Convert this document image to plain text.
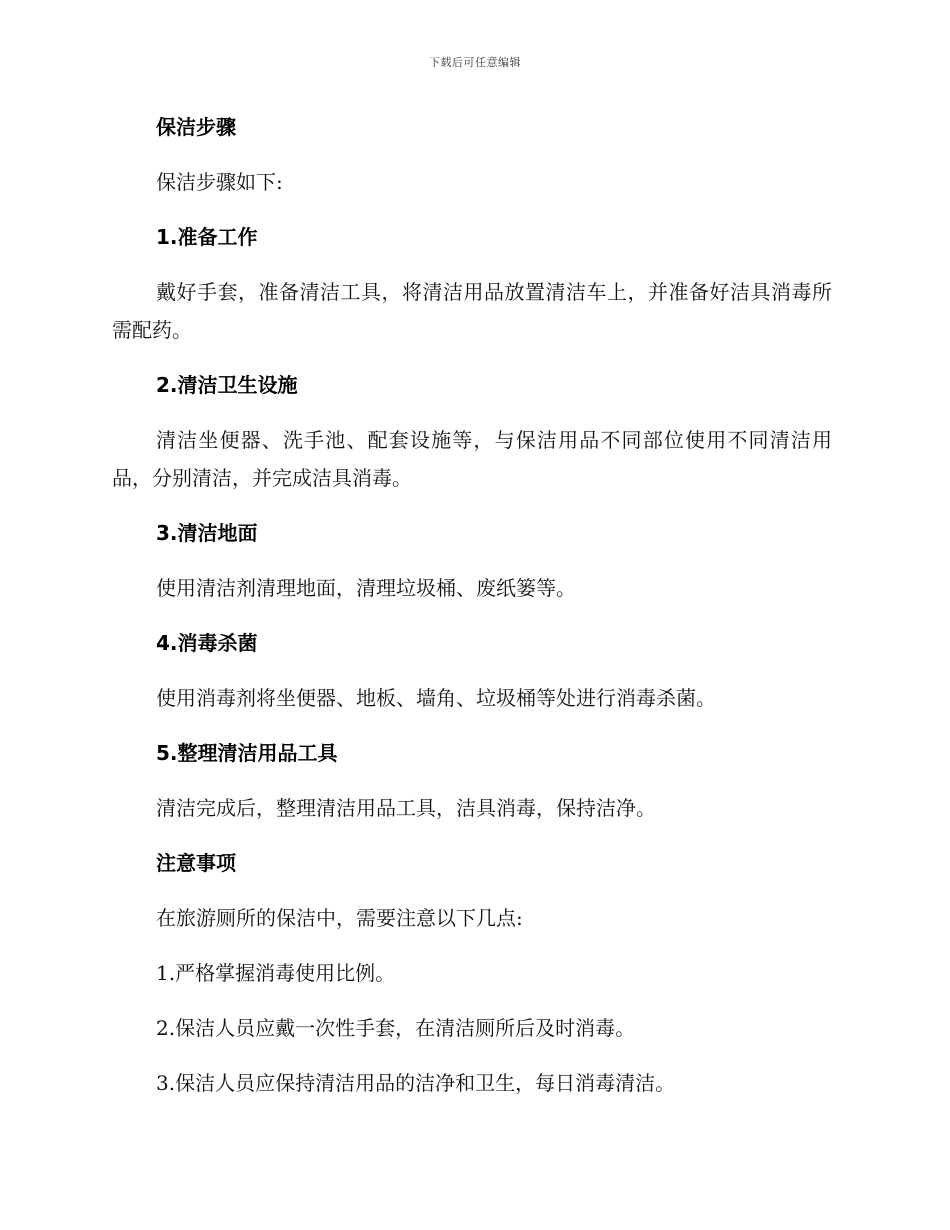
下载后可任意编辑
保洁步骤

保洁步骤如下:

1.准备工作

戴好手套，准备清洁工具，将清洁用品放置清洁车上，并准备好洁具消毒所需配药。

2.清洁卫生设施

清洁坐便器、洗手池、配套设施等，与保洁用品不同部位使用不同清洁用品，分别清洁，并完成洁具消毒。

3.清洁地面

使用清洁剂清理地面，清理垃圾桶、废纸篓等。

4.消毒杀菌

使用消毒剂将坐便器、地板、墙角、垃圾桶等处进行消毒杀菌。

5.整理清洁用品工具

清洁完成后，整理清洁用品工具，洁具消毒，保持洁净。

注意事项

在旅游厕所的保洁中，需要注意以下几点:

1.严格掌握消毒使用比例。

2.保洁人员应戴一次性手套，在清洁厕所后及时消毒。

3.保洁人员应保持清洁用品的洁净和卫生，每日消毒清洁。
